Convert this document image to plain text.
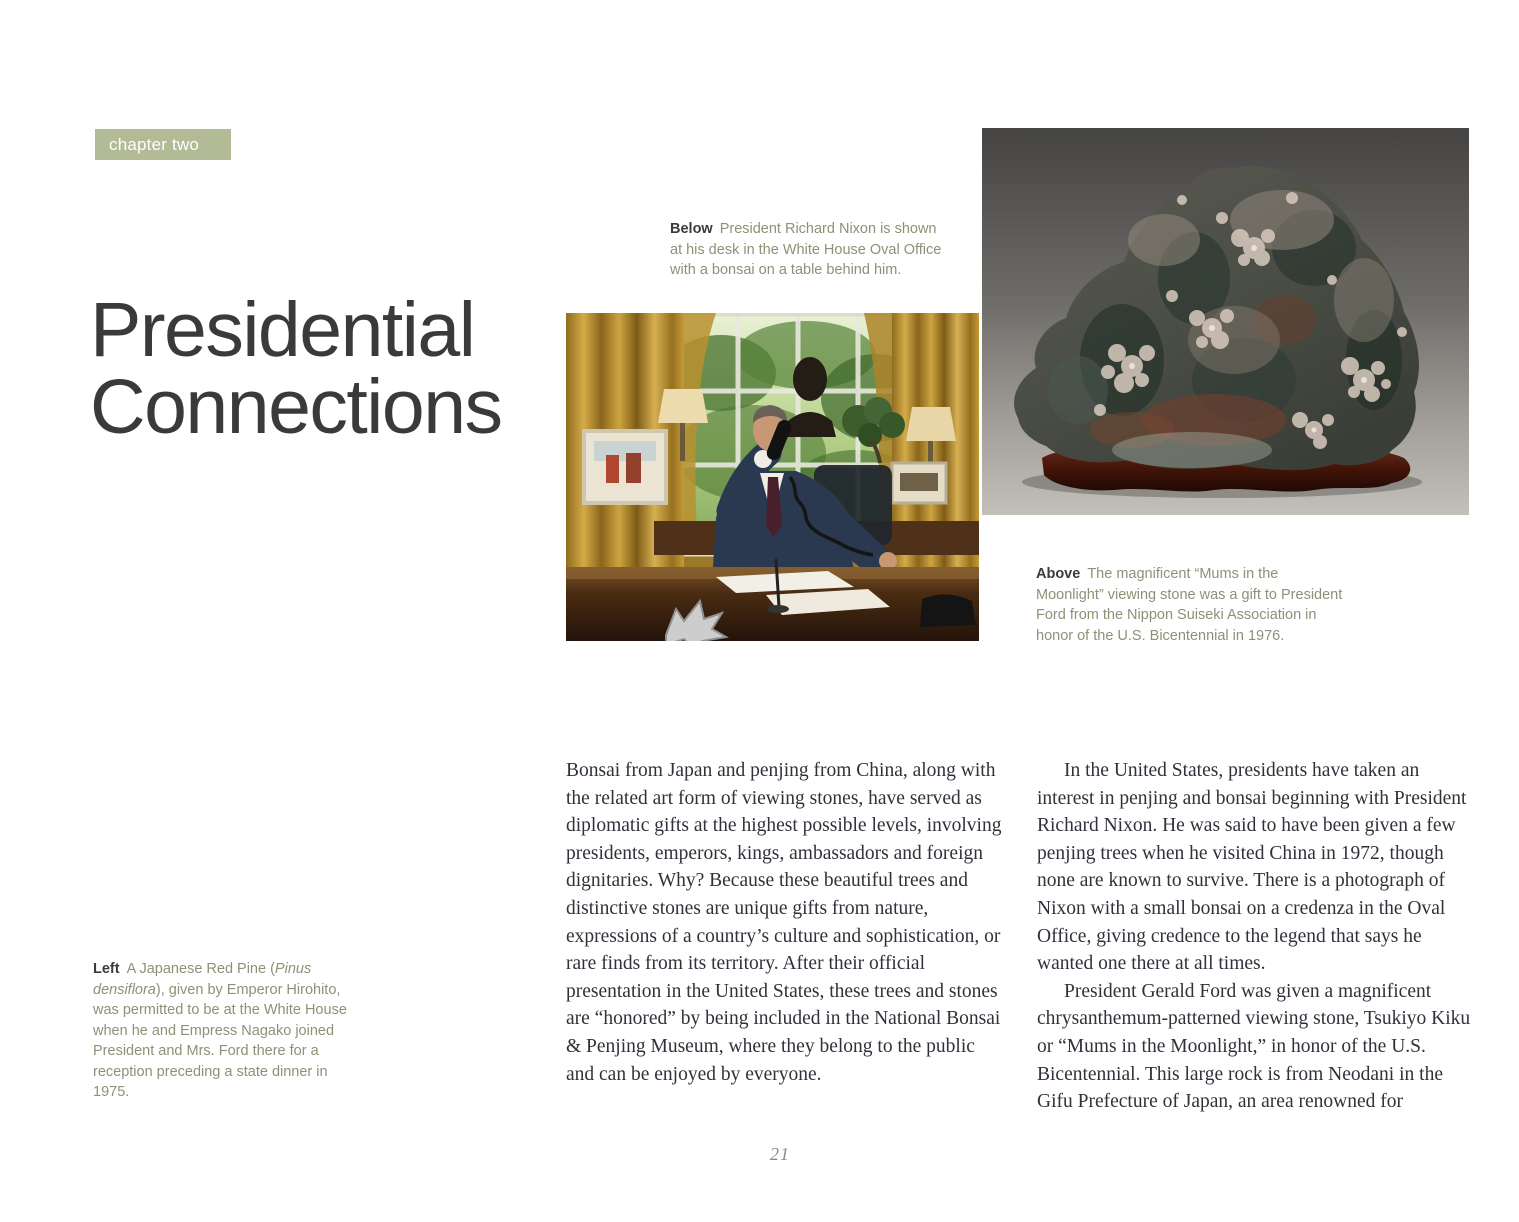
chapter two
Presidential
Connections
Below President Richard Nixon is shown at his desk in the White House Oval Office with a bonsai on a table behind him.
Above The magnificent “Mums in the Moonlight” viewing stone was a gift to President Ford from the Nippon Suiseki Association in honor of the U.S. Bicentennial in 1976.
Left A Japanese Red Pine (Pinus densiflora), given by Emperor Hirohito, was permitted to be at the White House when he and Empress Nagako joined President and Mrs. Ford there for a reception preceding a state dinner in 1975.

Bonsai from Japan and penjing from China, along with the related art form of viewing stones, have served as diplomatic gifts at the highest possible levels, involving presidents, emperors, kings, ambassadors and foreign dignitaries. Why? Because these beautiful trees and distinctive stones are unique gifts from nature, expressions of a country’s culture and sophistication, or rare finds from its territory. After their official presentation in the United States, these trees and stones are “honored” by being included in the National Bonsai & Penjing Museum, where they belong to the public and can be enjoyed by everyone.

In the United States, presidents have taken an interest in penjing and bonsai beginning with President Richard Nixon. He was said to have been given a few penjing trees when he visited China in 1972, though none are known to survive. There is a photograph of Nixon with a small bonsai on a credenza in the Oval Office, giving credence to the legend that says he wanted one there at all times.

President Gerald Ford was given a magnificent chrysanthemum-patterned viewing stone, Tsukiyo Kiku or “Mums in the Moonlight,” in honor of the U.S. Bicentennial. This large rock is from Neodani in the Gifu Prefecture of Japan, an area renowned for

21
